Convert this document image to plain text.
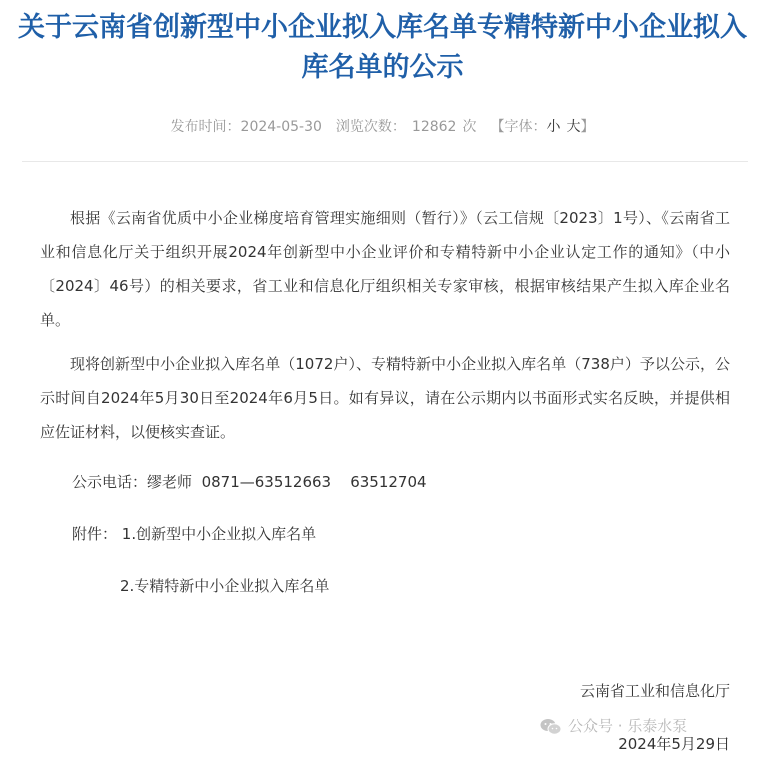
关于云南省创新型中小企业拟入库名单专精特新中小企业拟入库名单的公示
发布时间：2024-05-30 浏览次数： 12862 次 【字体：小 大】

根据《云南省优质中小企业梯度培育管理实施细则（暂行）》（云工信规〔2023〕1号）、《云南省工业和信息化厅关于组织开展2024年创新型中小企业评价和专精特新中小企业认定工作的通知》（中小〔2024〕46号）的相关要求，省工业和信息化厅组织相关专家审核，根据审核结果产生拟入库企业名单。

现将创新型中小企业拟入库名单（1072户）、专精特新中小企业拟入库名单（738户）予以公示，公示时间自2024年5月30日至2024年6月5日。如有异议，请在公示期内以书面形式实名反映，并提供相应佐证材料，以便核实查证。

公示电话：缪老师 0871—63512663 63512704
附件： 1.创新型中小企业拟入库名单
2.专精特新中小企业拟入库名单
云南省工业和信息化厅
公众号 · 乐泰水泵
2024年5月29日
